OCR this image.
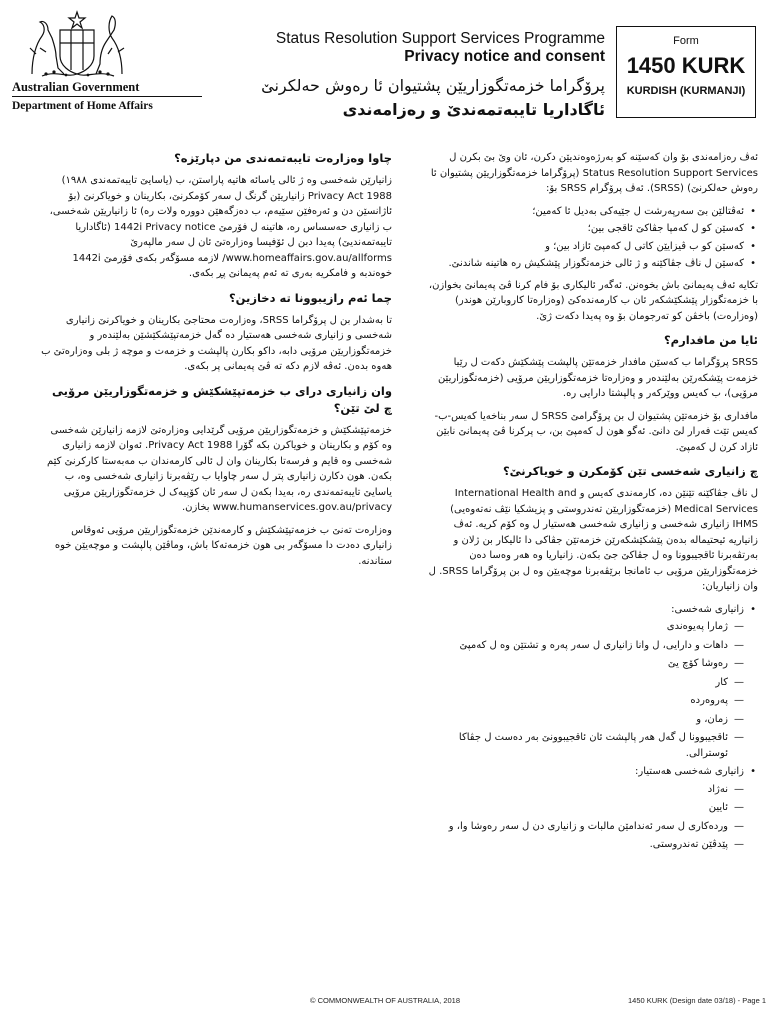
Australian Government
Department of Home Affairs
Status Resolution Support Services Programme
Privacy notice and consent
پرۆگراما خزمەتگوزاریێن پشتیوان ئا رەوش حەلکرنێ
ئاگاداریا تایبەتمەندێ و رەزامەندی
Form
1450 KURK
KURDISH (KURMANJI)

ئەڤ رەزامەندی بۆ وان کەسێنە کو بەرژەوەندیێن دکرن، ئان وێ بێ بکرن ل Status Resolution Support Services (پرۆگراما خزمەتگوزاریێن پشتیوان ئا رەوش حەلکرنێ) (SRSS). ئەڤ پرۆگرام SRSS بۆ:

• ئەڤتالێن بێ سەرپەرشت ل جێیەکی بەدیل ئا کەمین؛
• کەسێن کو ل کەمپا جڤاکێ ئاقجی بین؛
• کەسێن کو ب ڤیزایێن کاتی ل کەمپێ ئازاد بین؛ و
• کەسێن ل ناڤ جڤاکێنە و ژ ئالی خزمەتگوزار پێشکیش رە هاتینە شاندنێ.

تکایە ئەڤ پەیمانێ باش بخوەنن. ئەگەر ئالیکاری بۆ فام کرنا ڤێ پەیمانێ بخوازن، با خزمەتگوزار پێشکێشکەر ئان ب کارمەندەکێ (وەزارەتا کاروبارێن هوندر) (وەزارەت) باخڤن کو تەرجومان بۆ وە پەیدا دکەت ژێ.

ئایا من مافدارم؟

SRSS پرۆگراما ب کەسێن مافدار خزمەتێن پالپشت پێشکێش دکەت ل رێیا خزمەت پێشکەرێن بەلێندەر و وەزارەتا خزمەتگوزاریێن مرۆیی (خزمەتگوزاریێن مرۆیی)، ب کەیس ووێرکەر و پالپشتا دارایی رە.

مافداری بۆ خزمەتێن پشتیوان ل بن پرۆگرامێ SRSS ل سەر بناخەیا کەیس-ب-کەیس تێت فەرار لێ دانێ. ئەگو هون ل کەمپێ بن، ب پرکرنا ڤێ پەیمانێ نابێن ئازاد کرن ل کەمپێ.

چ زانیاری شەخسی تێن کۆمکرن و خویاکرنێ؟

ل ناڤ جڤاکێنە تێنێن دە، کارمەندی کەیس و International Health and Medical Services (خزمەتگوزاریێن تەندروستی و پزیشکیا نێڤ نەتەوەیی) IHMS زانیاری شەخسی و زانیاری شەخسی هەستیار ل وە کۆم کریە. ئەڤ زانیاریە ئیحتیمالە بدەن پێشکێشکەرێن خزمەتێن جڤاکی دا ئالیکار بن ژلان و بەرتڤەبرنا ئاقجیبوونا وە ل جڤاکێ جێ بکەن. زانیاریا وە هەر وەسا دەن خزمەتگوزاریێن مرۆیی ب ئامانجا برێڤەبرنا موچەیێن وە ل بن پرۆگراما SRSS. ل وان زانیاریان:

• زانیاری شەخسی:
— ژمارا پەیوەندی
— داهات و دارایی، ل وانا زانیاری ل سەر پەرە و تشتێن وە ل کەمپێ
— رەوشا کۆچ یێ
— کار
— پەروەردە
— زمان، و
— ئاقجیبوونا ل گەل هەر پالپشت ئان ئاقجیبوونێ بەر دەست ل جڤاکا ئوسترالی.
• زانیاری شەخسی هەستیار:
— نەژاد
— ئایین
— وردەکاری ل سەر ئەندامێن مالبات و زانیاری دن ل سەر رەوشا وا، و
— پێدڤێن تەندروستی.
چاوا وەزارەت تایبەتمەندی من دپارێزە؟

زانیارێن شەخسی وە ژ ئالی یاسائە هاتیە پاراستن، ب (یاسایێ تایبەتمەندی ١٩٨٨) Privacy Act 1988 زانیاریێن گرنگ ل سەر کۆمکرنێ، بکارینان و خویاکرنێ (بۆ ئاژانسێن دن و ئەرەفێن سێیەم، ب دەزگەهێن دوورە ولات رە) ئا زانیاریێن شەخسی، ب زانیاری حەسساس رە، هاتینە ل فۆرمێ 1442i Privacy notice (ئاگاداریا تایبەتمەندیێ) پەیدا دبن ل ئۆفیسا وەزارەتێ ئان ل سەر مالپەرێ www.homeaffairs.gov.au/allforms/ لازمە مسۆگەر بکەی فۆرمێ 1442i خوەندبە و فامکریە بەری تە ئەم پەیمانێ پڕ بکەی.

چما ئەم رازیبوونا تە دخازین؟

تا بەشدار بن ل پرۆگراما SRSS، وەزارەت محتاجێ بکارینان و خویاکرنێ زانیاری شەخسی و زانیاری شەخسی هەستیار دە گەل خزمەتپێشکێشێن بەلێندەر و خزمەتگوزاریێن مرۆیی دابە، داکو بکارن پالپشت و خزمەت و موچە ژ بلی وەزارەتێ ب هەوە بدەن. ئەڤە لازم دکە تە ڤێ پەیمانی پر بکەی.

وان زانیاری درای ب خزمەتپێشکێش و خزمەتگوزاریێن مرۆیی چ لێ تێن؟

خزمەتپێشکێش و خزمەتگوزاریێن مرۆیی گرێدایی وەزارەتێ لازمە زانیارێن شەخسی وە کۆم و بکارینان و خویاکرن بکە گۆرا Privacy Act 1988. ئەوان لازمە زانیاری شەخسی وە قایم و فرسەتا بکارینان وان ل ئالی کارمەندان ب مەبەستا کارکرنێ کێم بکەن. هون دکارن زانیاری پتر ل سەر چاوایا ب رێڤەبرنا زانیاری شەخسی وە، ب یاسایێ تایبەتمەندی رە، بەیدا بکەن ل سەر ئان کۆپیەک ل خزمەتگوزاریێن مرۆیی www.humanservices.gov.au/privacy بخازن.

وەزارەت تەنێ ب خزمەتپێشکێش و کارمەندێن خزمەتگوزاریێن مرۆیی ئەوقاس زانیاری دەدت دا مسۆگەر بی هون خزمەتەکا باش، وماڤێن پالپشت و موچەیێن خوە ستاندنە.

© COMMONWEALTH OF AUSTRALIA, 2018	1450 KURK (Design date 03/18) - Page 1
